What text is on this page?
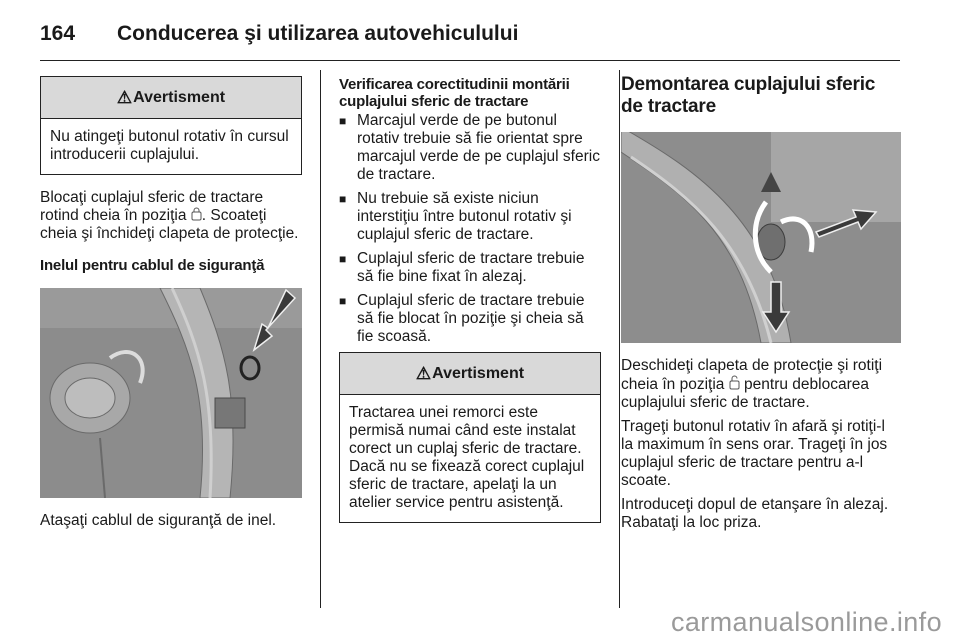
164 Conducerea şi utilizarea autovehiculului
⚠ Avertisment
Nu atingeţi butonul rotativ în cursul introducerii cuplajului.

Blocaţi cuplajul sferic de tractare rotind cheia în poziţia . Scoateţi cheia şi închideţi clapeta de protecţie.

Inelul pentru cablul de siguranţă

Ataşaţi cablul de siguranţă de inel.

Verificarea corectitudinii montării cuplajului sferic de tractare

■ Marcajul verde de pe butonul rotativ trebuie să fie orientat spre marcajul verde de pe cuplajul sferic de tractare.
■ Nu trebuie să existe niciun interstiţiu între butonul rotativ şi cuplajul sferic de tractare.
■ Cuplajul sferic de tractare trebuie să fie bine fixat în alezaj.
■ Cuplajul sferic de tractare trebuie să fie blocat în poziţie şi cheia să fie scoasă.
⚠ Avertisment
Tractarea unei remorci este permisă numai când este instalat corect un cuplaj sferic de tractare. Dacă nu se fixează corect cuplajul sferic de tractare, apelaţi la un atelier service pentru asistenţă.

Demontarea cuplajului sferic de tractare

Deschideţi clapeta de protecţie şi rotiţi cheia în poziţia  pentru deblocarea cuplajului sferic de tractare.

Trageţi butonul rotativ în afară şi rotiţi-l la maximum în sens orar. Trageţi în jos cuplajul sferic de tractare pentru a-l scoate.

Introduceţi dopul de etanşare în alezaj. Rabataţi la loc priza.

carmanualsonline.info
